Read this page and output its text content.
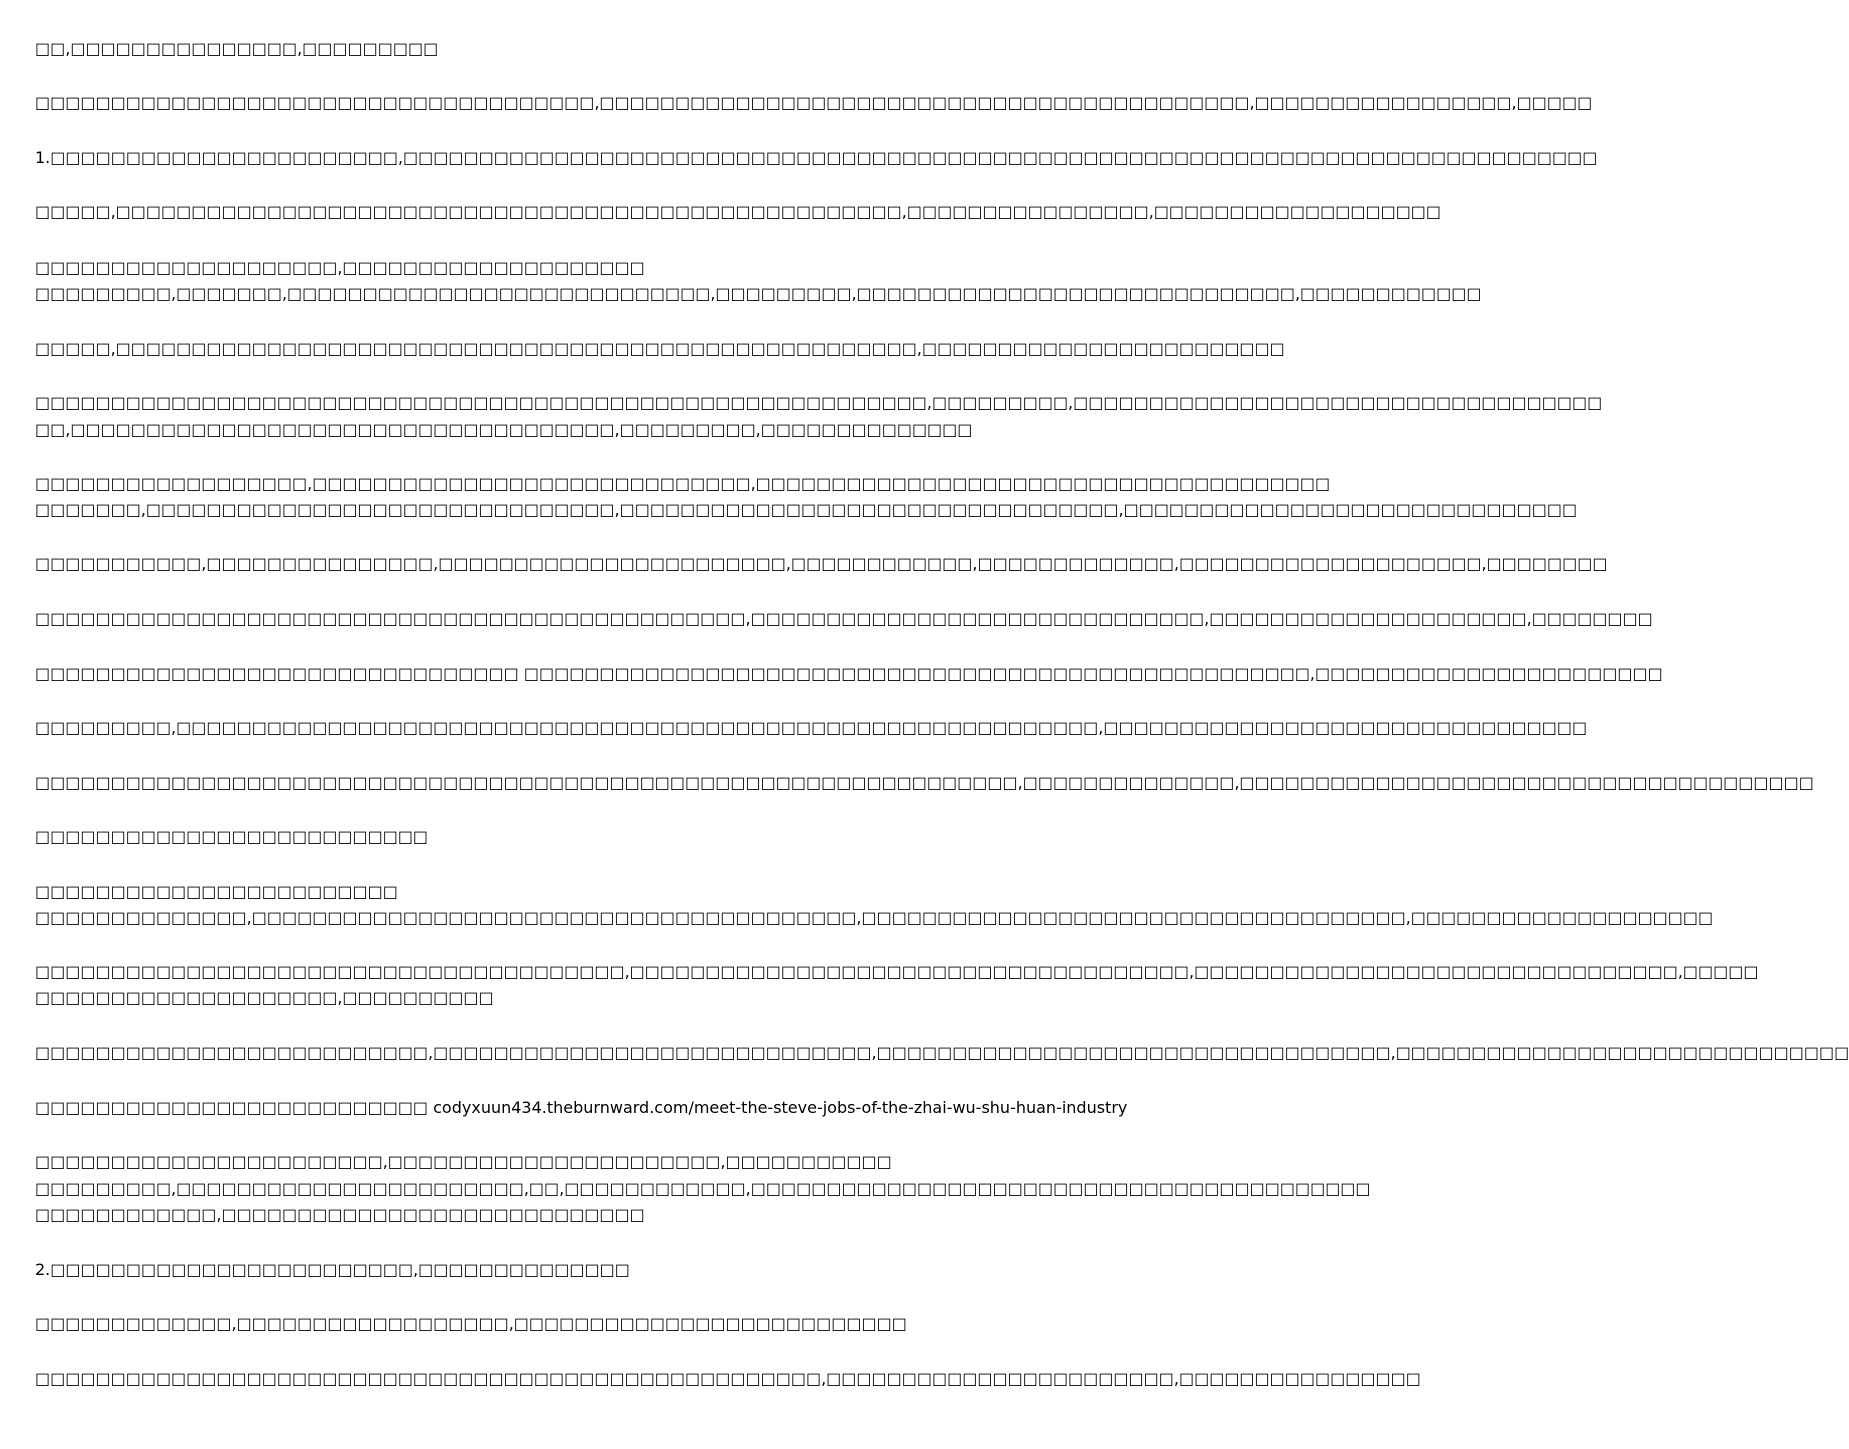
□□,□□□□□□□□□□□□□□□,□□□□□□□□□
□□□□□□□□□□□□□□□□□□□□□□□□□□□□□□□□□□□□□,□□□□□□□□□□□□□□□□□□□□□□□□□□□□□□□□□□□□□□□□□□□,□□□□□□□□□□□□□□□□□,□□□□□
1.□□□□□□□□□□□□□□□□□□□□□□□,□□□□□□□□□□□□□□□□□□□□□□□□□□□□□□□□□□□□□□□□□□□□□□□□□□□□□□□□□□□□□□□□□□□□□□□□□□□□□□□
□□□□□,□□□□□□□□□□□□□□□□□□□□□□□□□□□□□□□□□□□□□□□□□□□□□□□□□□□□,□□□□□□□□□□□□□□□□,□□□□□□□□□□□□□□□□□□□
□□□□□□□□□□□□□□□□□□□□,□□□□□□□□□□□□□□□□□□□□
□□□□□□□□□,□□□□□□□,□□□□□□□□□□□□□□□□□□□□□□□□□□□□,□□□□□□□□□,□□□□□□□□□□□□□□□□□□□□□□□□□□□□□,□□□□□□□□□□□□
□□□□□,□□□□□□□□□□□□□□□□□□□□□□□□□□□□□□□□□□□□□□□□□□□□□□□□□□□□□,□□□□□□□□□□□□□□□□□□□□□□□□
□□□□□□□□□□□□□□□□□□□□□□□□□□□□□□□□□□□□□□□□□□□□□□□□□□□□□□□□□□□,□□□□□□□□□,□□□□□□□□□□□□□□□□□□□□□□□□□□□□□□□□□□□
□□,□□□□□□□□□□□□□□□□□□□□□□□□□□□□□□□□□□□□,□□□□□□□□□,□□□□□□□□□□□□□□
□□□□□□□□□□□□□□□□□□,□□□□□□□□□□□□□□□□□□□□□□□□□□□□□,□□□□□□□□□□□□□□□□□□□□□□□□□□□□□□□□□□□□□□
□□□□□□□,□□□□□□□□□□□□□□□□□□□□□□□□□□□□□□□,□□□□□□□□□□□□□□□□□□□□□□□□□□□□□□□□□,□□□□□□□□□□□□□□□□□□□□□□□□□□□□□□
□□□□□□□□□□□,□□□□□□□□□□□□□□□,□□□□□□□□□□□□□□□□□□□□□□□,□□□□□□□□□□□□,□□□□□□□□□□□□□,□□□□□□□□□□□□□□□□□□□□,□□□□□□□□
□□□□□□□□□□□□□□□□□□□□□□□□□□□□□□□□□□□□□□□□□□□□□□□,□□□□□□□□□□□□□□□□□□□□□□□□□□□□□□,□□□□□□□□□□□□□□□□□□□□□,□□□□□□□□
□□□□□□□□□□□□□□□□□□□□□□□□□□□□□□□□ □□□□□□□□□□□□□□□□□□□□□□□□□□□□□□□□□□□□□□□□□□□□□□□□□□□□,□□□□□□□□□□□□□□□□□□□□□□□
□□□□□□□□□,□□□□□□□□□□□□□□□□□□□□□□□□□□□□□□□□□□□□□□□□□□□□□□□□□□□□□□□□□□□□□,□□□□□□□□□□□□□□□□□□□□□□□□□□□□□□□□
□□□□□□□□□□□□□□□□□□□□□□□□□□□□□□□□□□□□□□□□□□□□□□□□□□□□□□□□□□□□□□□□□,□□□□□□□□□□□□□□,□□□□□□□□□□□□□□□□□□□□□□□□□□□□□□□□□□□□□□
□□□□□□□□□□□□□□□□□□□□□□□□□□
□□□□□□□□□□□□□□□□□□□□□□□□
□□□□□□□□□□□□□□,□□□□□□□□□□□□□□□□□□□□□□□□□□□□□□□□□□□□□□□□,□□□□□□□□□□□□□□□□□□□□□□□□□□□□□□□□□□□□,□□□□□□□□□□□□□□□□□□□□
□□□□□□□□□□□□□□□□□□□□□□□□□□□□□□□□□□□□□□□,□□□□□□□□□□□□□□□□□□□□□□□□□□□□□□□□□□□□□,□□□□□□□□□□□□□□□□□□□□□□□□□□□□□□□□,□□□□□
□□□□□□□□□□□□□□□□□□□□,□□□□□□□□□□
□□□□□□□□□□□□□□□□□□□□□□□□□□,□□□□□□□□□□□□□□□□□□□□□□□□□□□□□,□□□□□□□□□□□□□□□□□□□□□□□□□□□□□□□□□□,□□□□□□□□□□□□□□□□□□□□□□□□□□□□□□
□□□□□□□□□□□□□□□□□□□□□□□□□□ codyxuun434.theburnward.com/meet-the-steve-jobs-of-the-zhai-wu-shu-huan-industry
□□□□□□□□□□□□□□□□□□□□□□□,□□□□□□□□□□□□□□□□□□□□□□,□□□□□□□□□□□
□□□□□□□□□,□□□□□□□□□□□□□□□□□□□□□□□,□□,□□□□□□□□□□□□,□□□□□□□□□□□□□□□□□□□□□□□□□□□□□□□□□□□□□□□□□
□□□□□□□□□□□□,□□□□□□□□□□□□□□□□□□□□□□□□□□□□
2.□□□□□□□□□□□□□□□□□□□□□□□□,□□□□□□□□□□□□□□
□□□□□□□□□□□□□,□□□□□□□□□□□□□□□□□□,□□□□□□□□□□□□□□□□□□□□□□□□□□
□□□□□□□□□□□□□□□□□□□□□□□□□□□□□□□□□□□□□□□□□□□□□□□□□□□□,□□□□□□□□□□□□□□□□□□□□□□□,□□□□□□□□□□□□□□□□
